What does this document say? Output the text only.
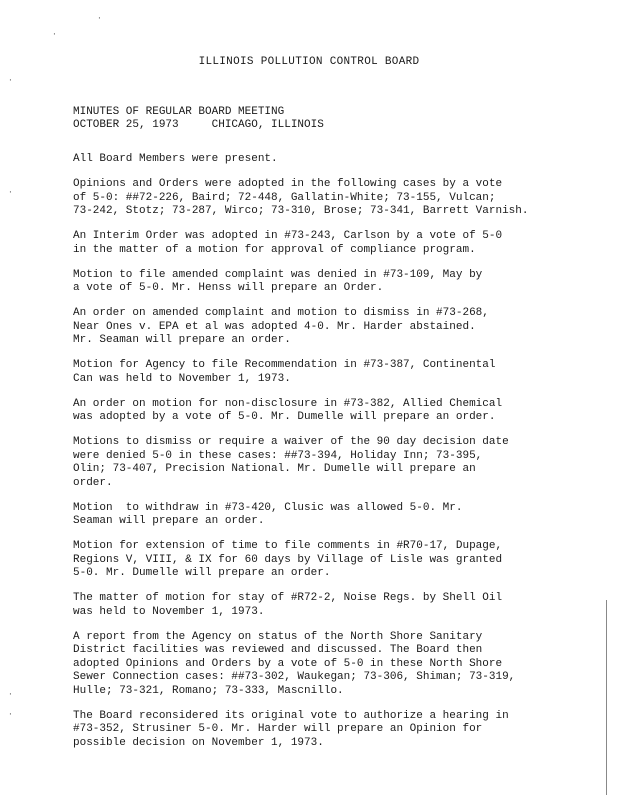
·
·
·
·
·
·
ILLINOIS POLLUTION CONTROL BOARD
MINUTES OF REGULAR BOARD MEETING
OCTOBER 25, 1973     CHICAGO, ILLINOIS
All Board Members were present.
Opinions and Orders were adopted in the following cases by a vote
of 5-0: ##72-226, Baird; 72-448, Gallatin-White; 73-155, Vulcan;
73-242, Stotz; 73-287, Wirco; 73-310, Brose; 73-341, Barrett Varnish.
An Interim Order was adopted in #73-243, Carlson by a vote of 5-0
in the matter of a motion for approval of compliance program.
Motion to file amended complaint was denied in #73-109, May by
a vote of 5-0. Mr. Henss will prepare an Order.
An order on amended complaint and motion to dismiss in #73-268,
Near Ones v. EPA et al was adopted 4-0. Mr. Harder abstained.
Mr. Seaman will prepare an order.
Motion for Agency to file Recommendation in #73-387, Continental
Can was held to November 1, 1973.
An order on motion for non-disclosure in #73-382, Allied Chemical
was adopted by a vote of 5-0. Mr. Dumelle will prepare an order.
Motions to dismiss or require a waiver of the 90 day decision date
were denied 5-0 in these cases: ##73-394, Holiday Inn; 73-395,
Olin; 73-407, Precision National. Mr. Dumelle will prepare an
order.
Motion  to withdraw in #73-420, Clusic was allowed 5-0. Mr.
Seaman will prepare an order.
Motion for extension of time to file comments in #R70-17, Dupage,
Regions V, VIII, & IX for 60 days by Village of Lisle was granted
5-0. Mr. Dumelle will prepare an order.
The matter of motion for stay of #R72-2, Noise Regs. by Shell Oil
was held to November 1, 1973.
A report from the Agency on status of the North Shore Sanitary
District facilities was reviewed and discussed. The Board then
adopted Opinions and Orders by a vote of 5-0 in these North Shore
Sewer Connection cases: ##73-302, Waukegan; 73-306, Shiman; 73-319,
Hulle; 73-321, Romano; 73-333, Mascnillo.
The Board reconsidered its original vote to authorize a hearing in
#73-352, Strusiner 5-0. Mr. Harder will prepare an Opinion for
possible decision on November 1, 1973.
